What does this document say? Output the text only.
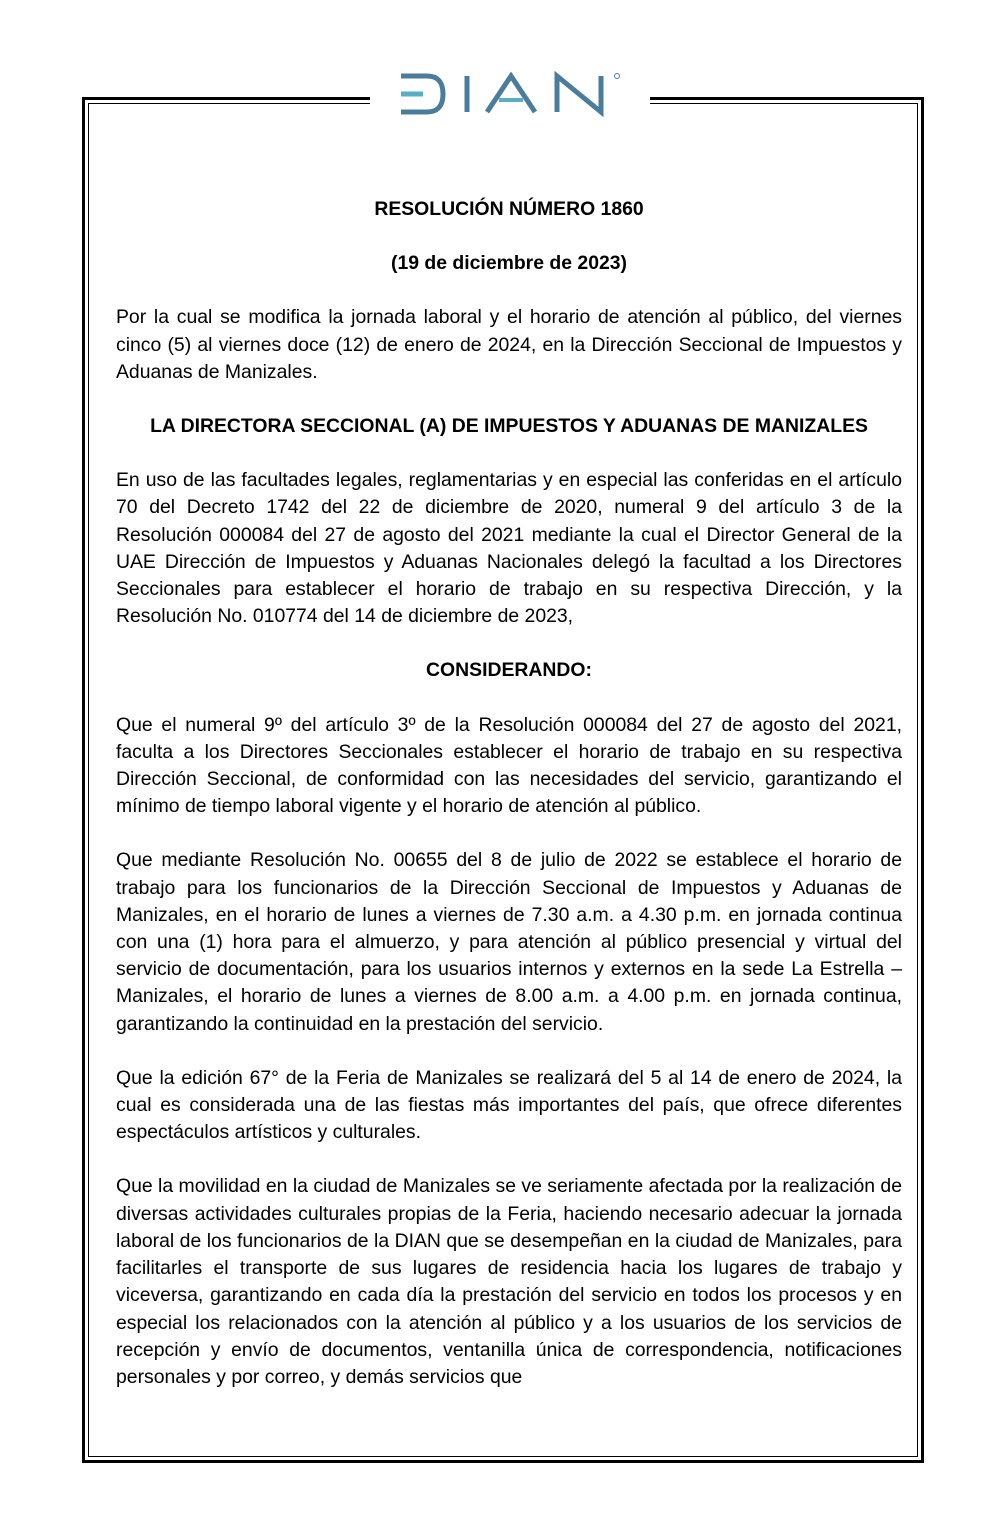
DIAN

RESOLUCIÓN NÚMERO 1860

(19 de diciembre de 2023)

Por la cual se modifica la jornada laboral y el horario de atención al público, del viernes cinco (5) al viernes doce (12) de enero de 2024, en la Dirección Seccional de Impuestos y Aduanas de Manizales.

LA DIRECTORA SECCIONAL (A) DE IMPUESTOS Y ADUANAS DE MANIZALES

En uso de las facultades legales, reglamentarias y en especial las conferidas en el artículo 70 del Decreto 1742 del 22 de diciembre de 2020, numeral 9 del artículo 3 de la Resolución 000084 del 27 de agosto del 2021 mediante la cual el Director General de la UAE Dirección de Impuestos y Aduanas Nacionales delegó la facultad a los Directores Seccionales para establecer el horario de trabajo en su respectiva Dirección, y la Resolución No. 010774 del 14 de diciembre de 2023,

CONSIDERANDO:

Que el numeral 9º del artículo 3º de la Resolución 000084 del 27 de agosto del 2021, faculta a los Directores Seccionales establecer el horario de trabajo en su respectiva Dirección Seccional, de conformidad con las necesidades del servicio, garantizando el mínimo de tiempo laboral vigente y el horario de atención al público.

Que mediante Resolución No. 00655 del 8 de julio de 2022 se establece el horario de trabajo para los funcionarios de la Dirección Seccional de Impuestos y Aduanas de Manizales, en el horario de lunes a viernes de 7.30 a.m. a 4.30 p.m. en jornada continua con una (1) hora para el almuerzo, y para atención al público presencial y virtual del servicio de documentación, para los usuarios internos y externos en la sede La Estrella – Manizales, el horario de lunes a viernes de 8.00 a.m. a 4.00 p.m. en jornada continua, garantizando la continuidad en la prestación del servicio.

Que la edición 67° de la Feria de Manizales se realizará del 5 al 14 de enero de 2024, la cual es considerada una de las fiestas más importantes del país, que ofrece diferentes espectáculos artísticos y culturales.

Que la movilidad en la ciudad de Manizales se ve seriamente afectada por la realización de diversas actividades culturales propias de la Feria, haciendo necesario adecuar la jornada laboral de los funcionarios de la DIAN que se desempeñan en la ciudad de Manizales, para facilitarles el transporte de sus lugares de residencia hacia los lugares de trabajo y viceversa, garantizando en cada día la prestación del servicio en todos los procesos y en especial los relacionados con la atención al público y a los usuarios de los servicios de recepción y envío de documentos, ventanilla única de correspondencia, notificaciones personales y por correo, y demás servicios que
